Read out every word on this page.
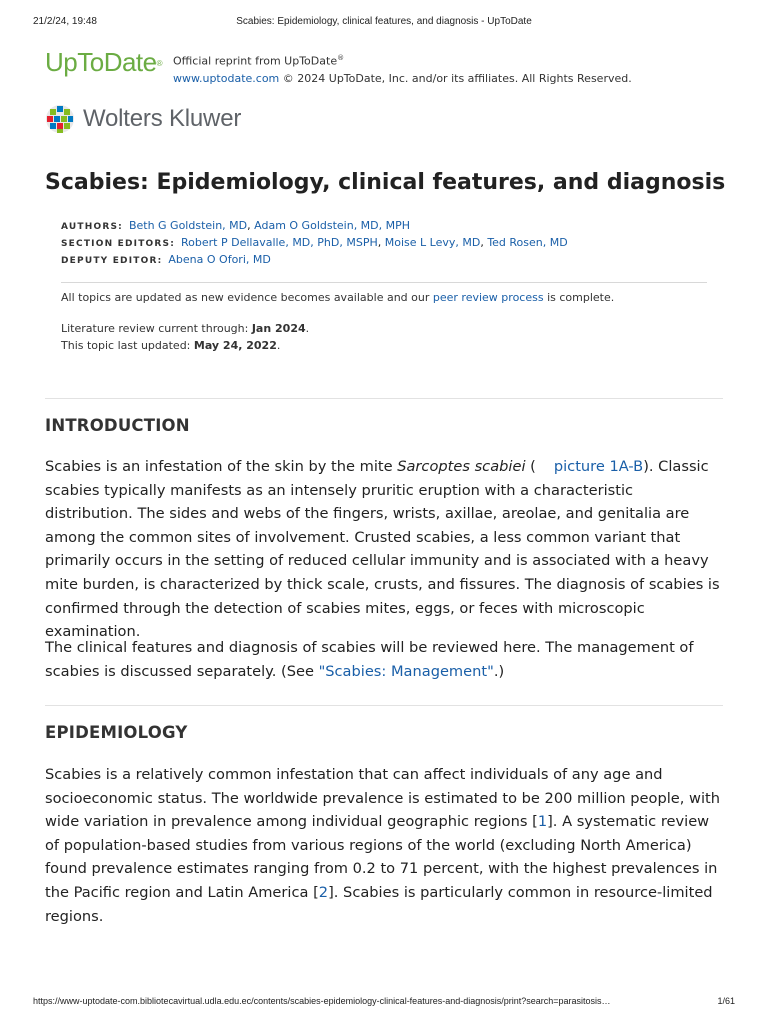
21/2/24, 19:48	Scabies: Epidemiology, clinical features, and diagnosis - UpToDate
UpToDate® Official reprint from UpToDate®
www.uptodate.com © 2024 UpToDate, Inc. and/or its affiliates. All Rights Reserved.
Wolters Kluwer
Scabies: Epidemiology, clinical features, and diagnosis
AUTHORS: Beth G Goldstein, MD, Adam O Goldstein, MD, MPH
SECTION EDITORS: Robert P Dellavalle, MD, PhD, MSPH, Moise L Levy, MD, Ted Rosen, MD
DEPUTY EDITOR: Abena O Ofori, MD
All topics are updated as new evidence becomes available and our peer review process is complete.
Literature review current through: Jan 2024.
This topic last updated: May 24, 2022.
INTRODUCTION

Scabies is an infestation of the skin by the mite Sarcoptes scabiei ( picture 1A-B). Classic scabies typically manifests as an intensely pruritic eruption with a characteristic distribution. The sides and webs of the fingers, wrists, axillae, areolae, and genitalia are among the common sites of involvement. Crusted scabies, a less common variant that primarily occurs in the setting of reduced cellular immunity and is associated with a heavy mite burden, is characterized by thick scale, crusts, and fissures. The diagnosis of scabies is confirmed through the detection of scabies mites, eggs, or feces with microscopic examination.

The clinical features and diagnosis of scabies will be reviewed here. The management of scabies is discussed separately. (See "Scabies: Management".)

EPIDEMIOLOGY

Scabies is a relatively common infestation that can affect individuals of any age and socioeconomic status. The worldwide prevalence is estimated to be 200 million people, with wide variation in prevalence among individual geographic regions [1]. A systematic review of population-based studies from various regions of the world (excluding North America) found prevalence estimates ranging from 0.2 to 71 percent, with the highest prevalences in the Pacific region and Latin America [2]. Scabies is particularly common in resource-limited regions.

https://www-uptodate-com.bibliotecavirtual.udla.edu.ec/contents/scabies-epidemiology-clinical-features-and-diagnosis/print?search=parasitosis…	1/61
